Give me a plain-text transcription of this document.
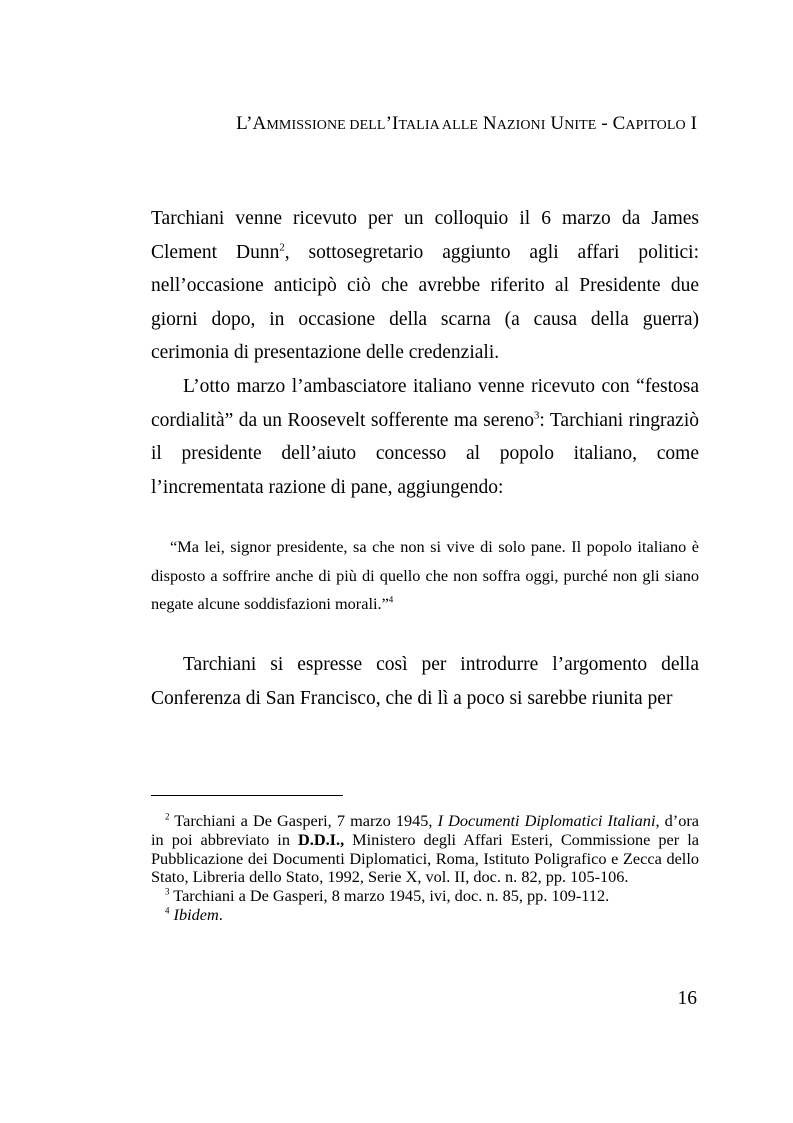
L’AMMISSIONE DELL’ITALIA ALLE NAZIONI UNITE - CAPITOLO I
Tarchiani venne ricevuto per un colloquio il 6 marzo da James Clement Dunn$^2$, sottosegretario aggiunto agli affari politici: nell’occasione anticipò ciò che avrebbe riferito al Presidente due giorni dopo, in occasione della scarna (a causa della guerra) cerimonia di presentazione delle credenziali.
L’otto marzo l’ambasciatore italiano venne ricevuto con “festosa cordialità” da un Roosevelt sofferente ma sereno$^3$: Tarchiani ringraziò il presidente dell’aiuto concesso al popolo italiano, come l’incrementata razione di pane, aggiungendo:
“Ma lei, signor presidente, sa che non si vive di solo pane. Il popolo italiano è disposto a soffrire anche di più di quello che non soffra oggi, purché non gli siano negate alcune soddisfazioni morali.”$^4$
Tarchiani si espresse così per introdurre l’argomento della Conferenza di San Francisco, che di lì a poco si sarebbe riunita per
$^2$ Tarchiani a De Gasperi, 7 marzo 1945, I Documenti Diplomatici Italiani, d’ora in poi abbreviato in D.D.I., Ministero degli Affari Esteri, Commissione per la Pubblicazione dei Documenti Diplomatici, Roma, Istituto Poligrafico e Zecca dello Stato, Libreria dello Stato, 1992, Serie X, vol. II, doc. n. 82, pp. 105-106.
$^3$ Tarchiani a De Gasperi, 8 marzo 1945, ivi, doc. n. 85, pp. 109-112.
$^4$ Ibidem.
16
